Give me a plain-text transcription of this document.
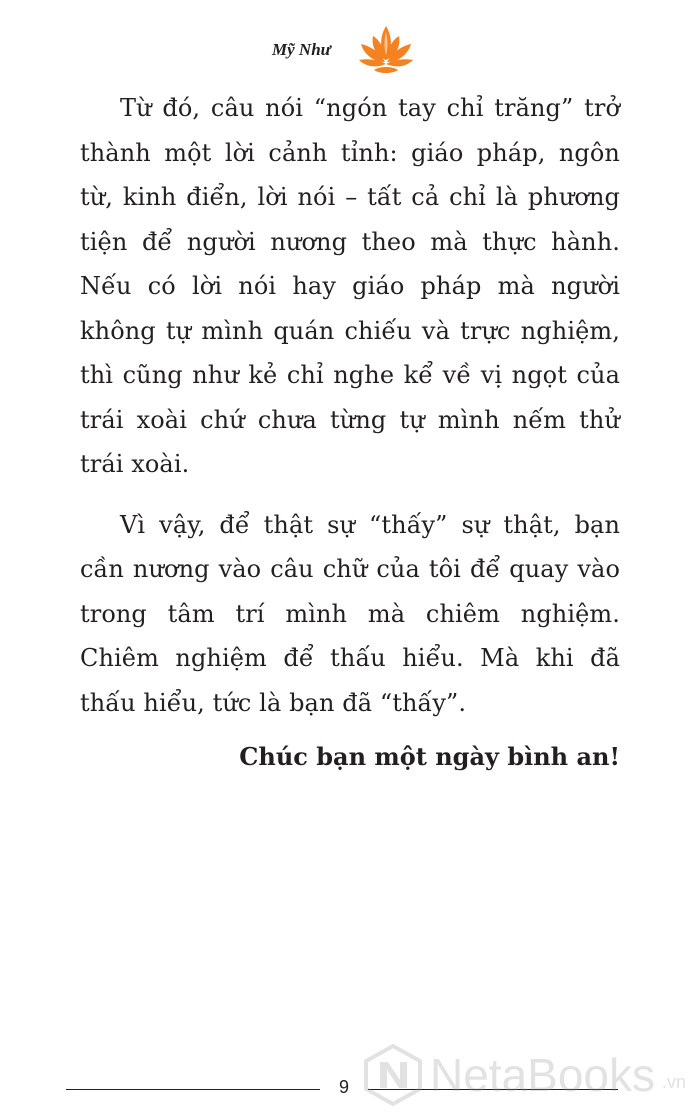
Mỹ Như

Từ đó, câu nói “ngón tay chỉ trăng” trở thành một lời cảnh tỉnh: giáo pháp, ngôn từ, kinh điển, lời nói – tất cả chỉ là phương tiện để người nương theo mà thực hành. Nếu có lời nói hay giáo pháp mà người không tự mình quán chiếu và trực nghiệm, thì cũng như kẻ chỉ nghe kể về vị ngọt của trái xoài chứ chưa từng tự mình nếm thử trái xoài.

Vì vậy, để thật sự “thấy” sự thật, bạn cần nương vào câu chữ của tôi để quay vào trong tâm trí mình mà chiêm nghiệm. Chiêm nghiệm để thấu hiểu. Mà khi đã thấu hiểu, tức là bạn đã “thấy”.

Chúc bạn một ngày bình an!

9	NetaBooks .vn
